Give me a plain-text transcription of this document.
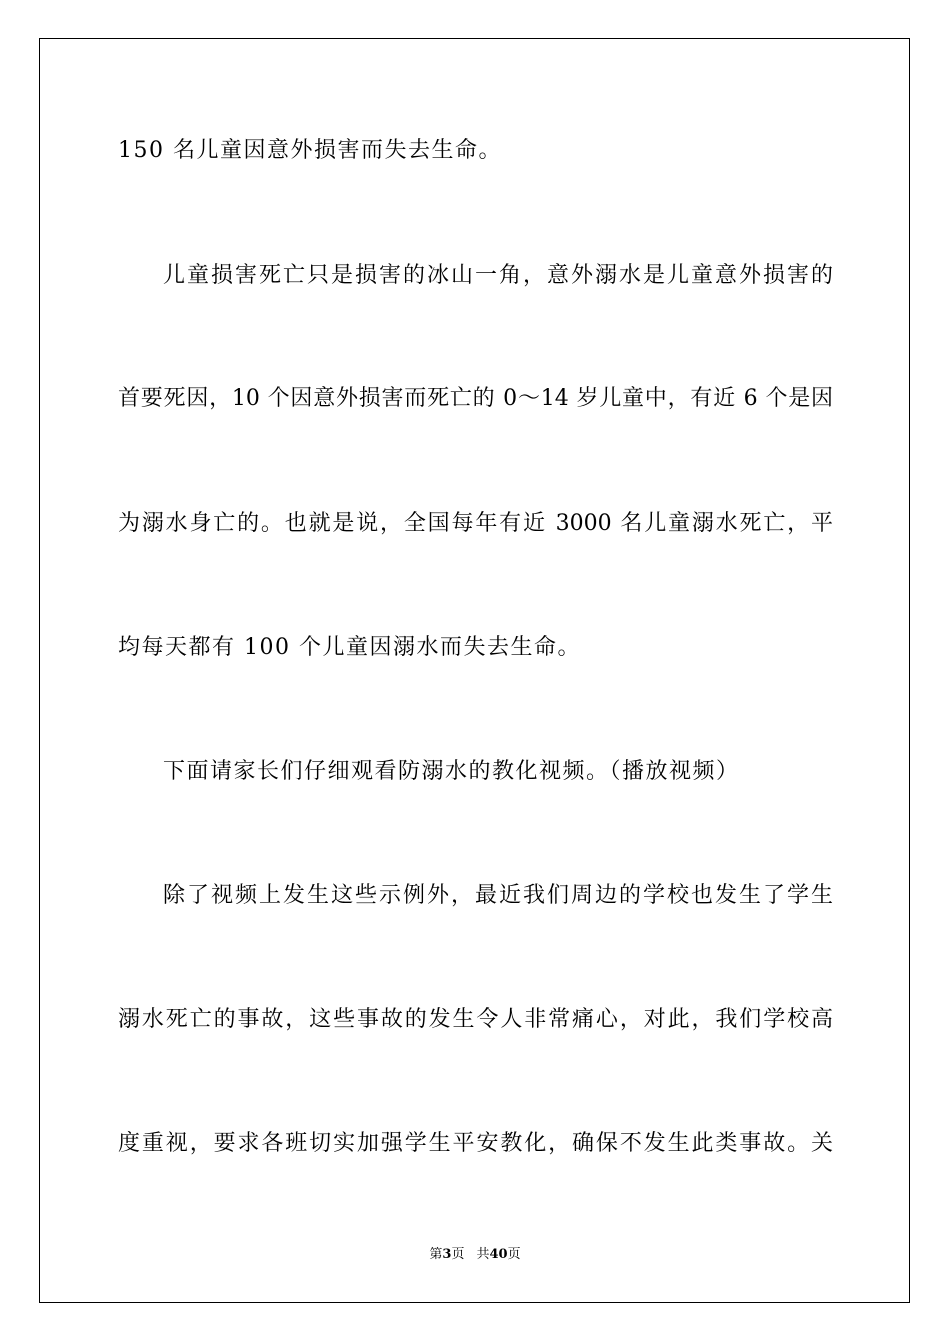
150 名儿童因意外损害而失去生命。
儿童损害死亡只是损害的冰山一角，意外溺水是儿童意外损害的
首要死因，10 个因意外损害而死亡的 0～14 岁儿童中，有近 6 个是因
为溺水身亡的。也就是说，全国每年有近 3000 名儿童溺水死亡，平
均每天都有 100 个儿童因溺水而失去生命。
下面请家长们仔细观看防溺水的教化视频。（播放视频）
除了视频上发生这些示例外，最近我们周边的学校也发生了学生
溺水死亡的事故，这些事故的发生令人非常痛心，对此，我们学校高
度重视，要求各班切实加强学生平安教化，确保不发生此类事故。关
第3页 共40页
